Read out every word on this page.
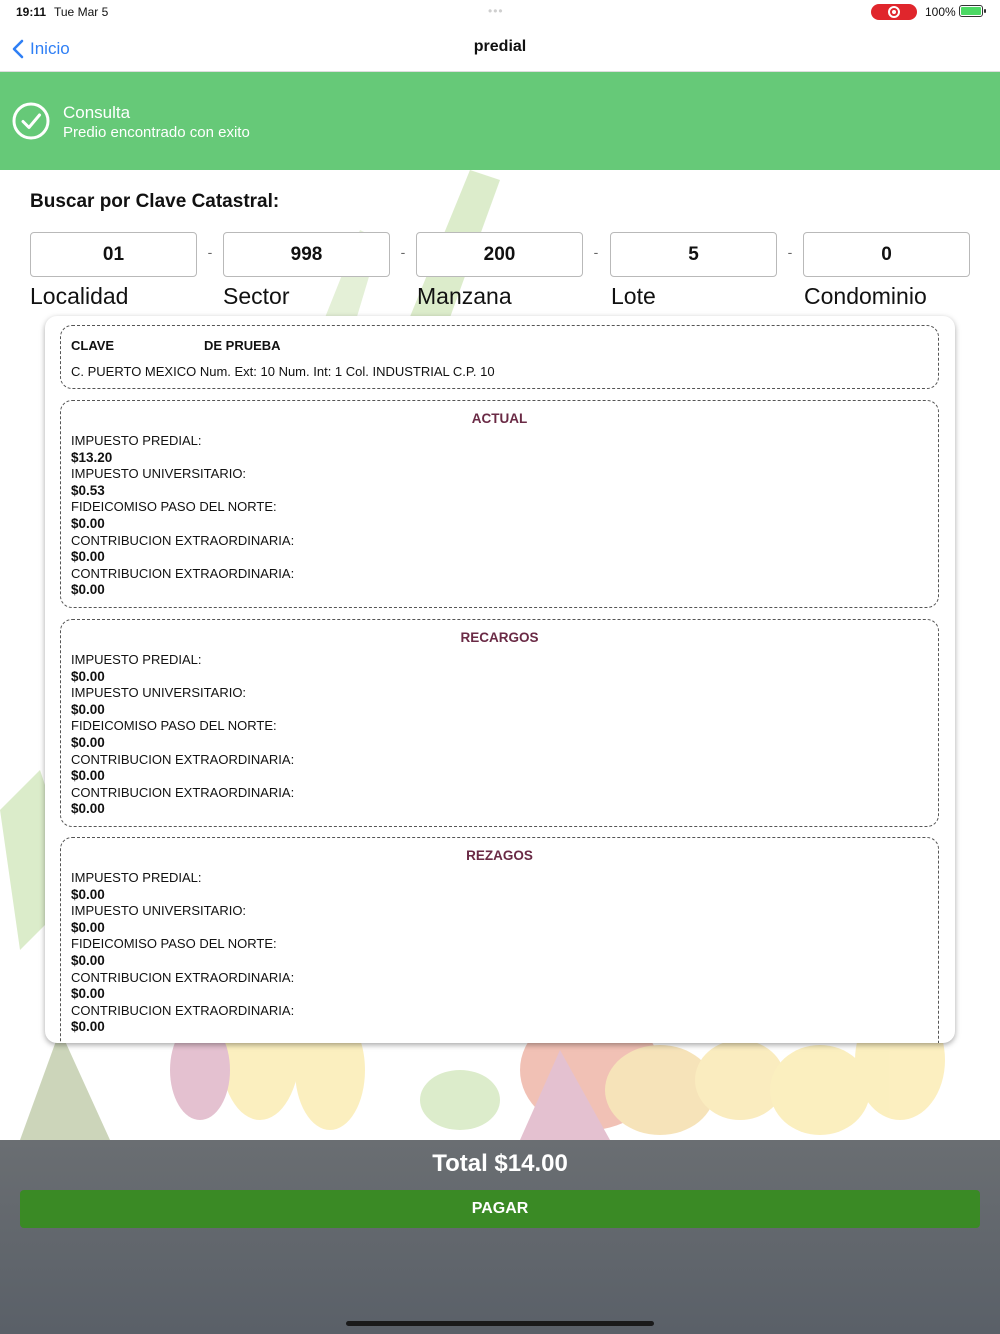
19:11 Tue Mar 5	•••	100%
Inicio	predial
Consulta
Predio encontrado con exito
Buscar por Clave Catastral:
01	-	998	-	200	-	5	-	0
Localidad	Sector	Manzana	Lote	Condominio
CLAVE	DE PRUEBA
C. PUERTO MEXICO Num. Ext: 10 Num. Int: 1 Col. INDUSTRIAL C.P. 10
ACTUAL
IMPUESTO PREDIAL:
$13.20
IMPUESTO UNIVERSITARIO:
$0.53
FIDEICOMISO PASO DEL NORTE:
$0.00
CONTRIBUCION EXTRAORDINARIA:
$0.00
CONTRIBUCION EXTRAORDINARIA:
$0.00
RECARGOS
IMPUESTO PREDIAL:
$0.00
IMPUESTO UNIVERSITARIO:
$0.00
FIDEICOMISO PASO DEL NORTE:
$0.00
CONTRIBUCION EXTRAORDINARIA:
$0.00
CONTRIBUCION EXTRAORDINARIA:
$0.00
REZAGOS
IMPUESTO PREDIAL:
$0.00
IMPUESTO UNIVERSITARIO:
$0.00
FIDEICOMISO PASO DEL NORTE:
$0.00
CONTRIBUCION EXTRAORDINARIA:
$0.00
CONTRIBUCION EXTRAORDINARIA:
$0.00
Total $14.00
PAGAR
